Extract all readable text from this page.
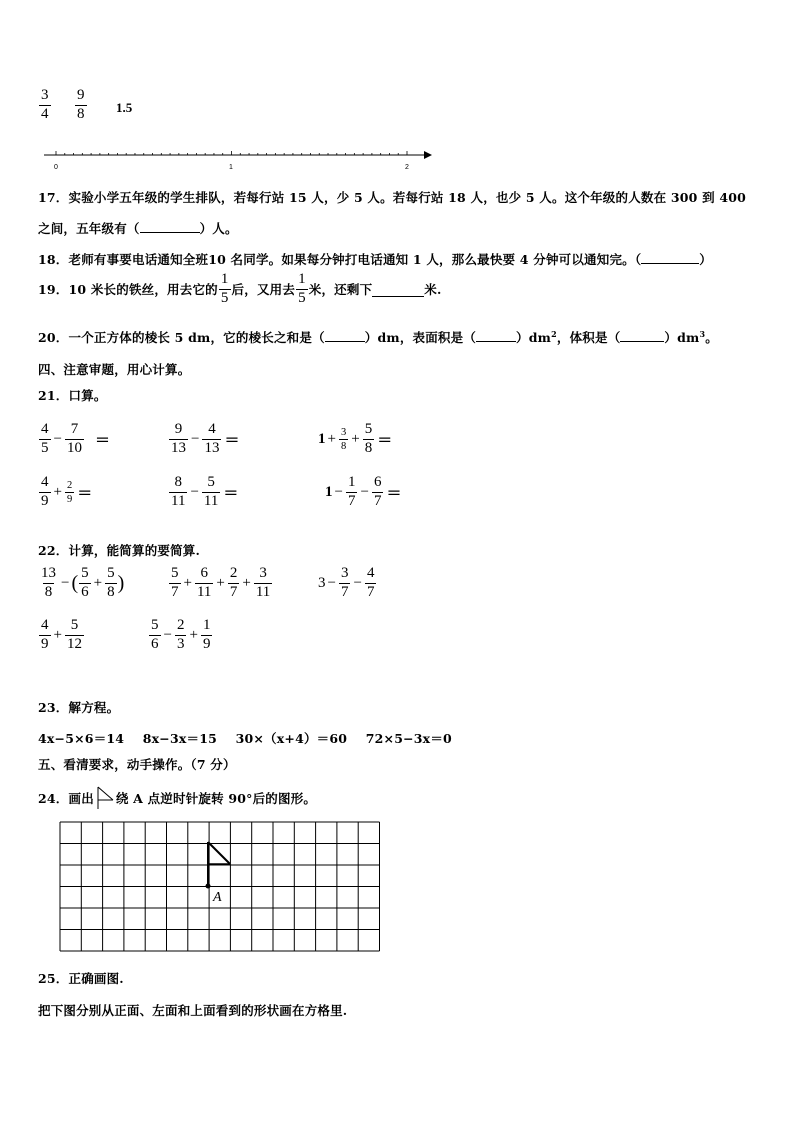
$\frac{3}{4} \frac{9}{8} 1.5$
0	1	2
17．实验小学五年级的学生排队，若每行站 15 人，少 5 人。若每行站 18 人，也少 5 人。这个年级的人数在 300 到 400
之间，五年级有（	）人。
18．老师有事要电话通知全班10 名同学。如果每分钟打电话通知 1 人，那么最快要 4 分钟可以通知完。（	）
19．10 米长的铁丝，用去它的 $\frac{1}{5}$ 后，又用去 $\frac{1}{5}$ 米，还剩下	米.
20．一个正方体的棱长 5 dm，它的棱长之和是（	）dm，表面积是（	）$dm^2$，体积是（	）$dm^3$。
四、注意审题，用心计算。
21．口算。
$\frac{4}{5} - \frac{7}{10}$ ＝	$\frac{9}{13} - \frac{4}{13}$ ＝	$1 + \frac{3}{8} + \frac{5}{8}$ ＝
$\frac{4}{9} + \frac{2}{9}$ ＝	$\frac{8}{11} - \frac{5}{11}$ ＝	$1 - \frac{1}{7} - \frac{6}{7}$ ＝
22．计算，能简算的要简算.
$\frac{13}{8}$ − ( $\frac{5}{6} + \frac{5}{8}$ )	$\frac{5}{7} + \frac{6}{11} + \frac{2}{7} + \frac{3}{11}$	$3 - \frac{3}{7} - \frac{4}{7}$
$\frac{4}{9} + \frac{5}{12}$	$\frac{5}{6} - \frac{2}{3} + \frac{1}{9}$
23．解方程。
4x−5×6＝14 8x−3x＝15 30×（x+4）＝60 72×5−3x＝0
五、看清要求，动手操作。（7 分）
24．画出 绕 A 点逆时针旋转 90°后的图形。
A
25．正确画图.
把下图分别从正面、左面和上面看到的形状画在方格里.
